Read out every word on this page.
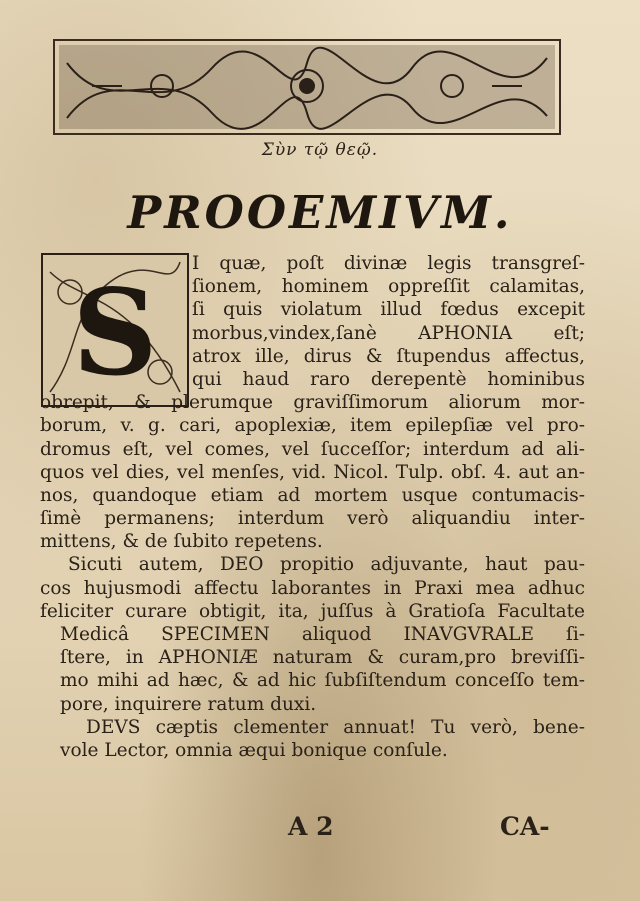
Σὺν τῷ θεῷ.
PROOEMIVM.
S I quæ, poſt divinæ legis transgreſ-
ſionem, hominem oppreſſit calamitas,
ſi quis violatum illud fœdus excepit
morbus,vindex,ſanè APHONIA eſt;
atrox ille, dirus & ſtupendus affectus,
qui haud raro derepentè hominibus
obrepit, & plerumque graviſſimorum aliorum mor-
borum, v. g. cari, apoplexiæ, item epilepſiæ vel pro-
dromus eſt, vel comes, vel ſucceſſor; interdum ad ali-
quos vel dies, vel menſes, vid. Nicol. Tulp. obſ. 4. aut an-
nos, quandoque etiam ad mortem usque contumacis-
ſimè permanens; interdum verò aliquandiu inter-
mittens, & de ſubito repetens.
Sicuti autem, DEO propitio adjuvante, haut pau-
cos hujusmodi affectu laborantes in Praxi mea adhuc
feliciter curare obtigit, ita, juſſus à Gratioſa Facultate
Medicâ SPECIMEN aliquod INAVGVRALE ſi-
ſtere, in APHONIÆ naturam & curam,pro breviſſi-
mo mihi ad hæc, & ad hic ſubſiſtendum conceſſo tem-
pore, inquirere ratum duxi.
DEVS cæptis clementer annuat! Tu verò, bene-
vole Lector, omnia æqui bonique conſule.
A 2	CA-
